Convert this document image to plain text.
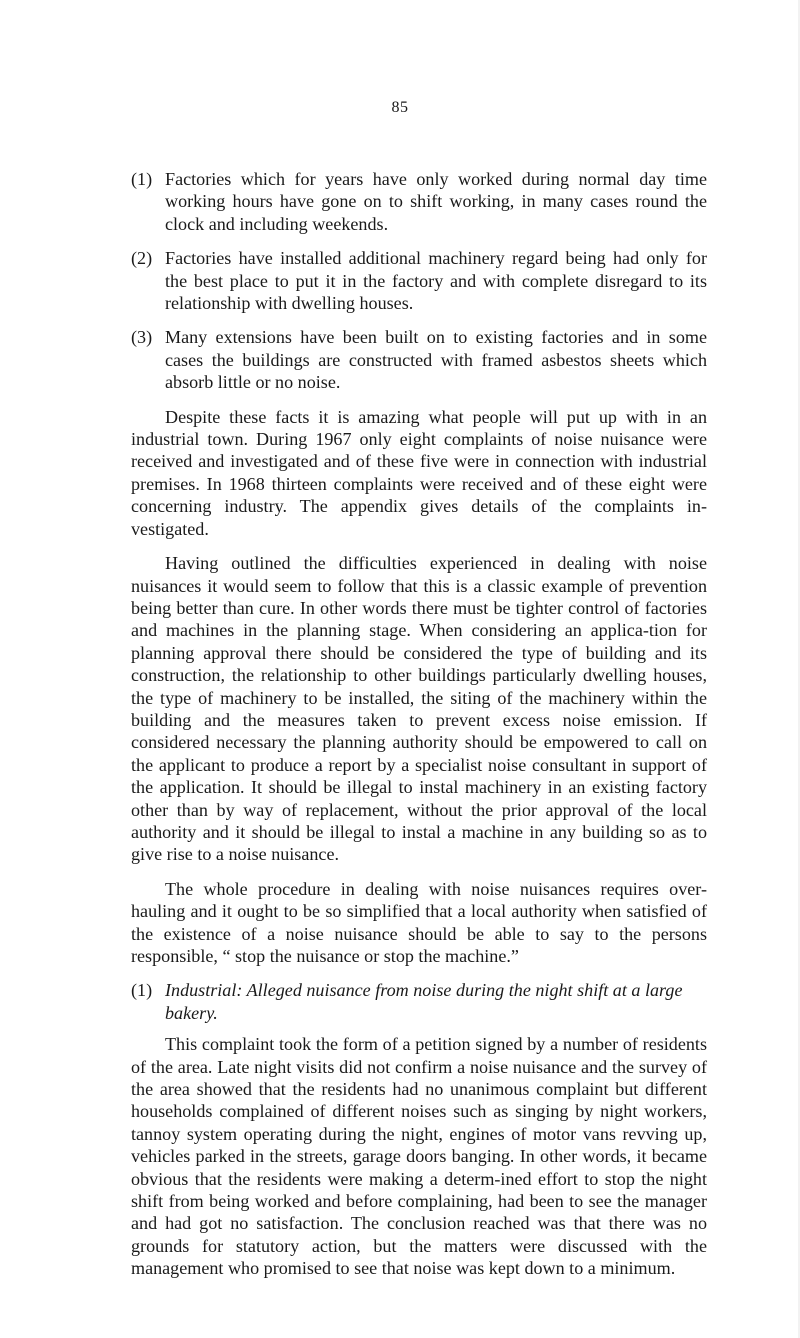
85
(1) Factories which for years have only worked during normal day time working hours have gone on to shift working, in many cases round the clock and including weekends.
(2) Factories have installed additional machinery regard being had only for the best place to put it in the factory and with complete disregard to its relationship with dwelling houses.
(3) Many extensions have been built on to existing factories and in some cases the buildings are constructed with framed asbestos sheets which absorb little or no noise.

Despite these facts it is amazing what people will put up with in an industrial town. During 1967 only eight complaints of noise nuisance were received and investigated and of these five were in connection with industrial premises. In 1968 thirteen complaints were received and of these eight were concerning industry. The appendix gives details of the complaints in-vestigated.

Having outlined the difficulties experienced in dealing with noise nuisances it would seem to follow that this is a classic example of prevention being better than cure. In other words there must be tighter control of factories and machines in the planning stage. When considering an applica-tion for planning approval there should be considered the type of building and its construction, the relationship to other buildings particularly dwelling houses, the type of machinery to be installed, the siting of the machinery within the building and the measures taken to prevent excess noise emission. If considered necessary the planning authority should be empowered to call on the applicant to produce a report by a specialist noise consultant in support of the application. It should be illegal to instal machinery in an existing factory other than by way of replacement, without the prior approval of the local authority and it should be illegal to instal a machine in any building so as to give rise to a noise nuisance.

The whole procedure in dealing with noise nuisances requires over-hauling and it ought to be so simplified that a local authority when satisfied of the existence of a noise nuisance should be able to say to the persons responsible, “ stop the nuisance or stop the machine.”

(1) Industrial: Alleged nuisance from noise during the night shift at a large bakery.

This complaint took the form of a petition signed by a number of residents of the area. Late night visits did not confirm a noise nuisance and the survey of the area showed that the residents had no unanimous complaint but different households complained of different noises such as singing by night workers, tannoy system operating during the night, engines of motor vans revving up, vehicles parked in the streets, garage doors banging. In other words, it became obvious that the residents were making a determ-ined effort to stop the night shift from being worked and before complaining, had been to see the manager and had got no satisfaction. The conclusion reached was that there was no grounds for statutory action, but the matters were discussed with the management who promised to see that noise was kept down to a minimum.
